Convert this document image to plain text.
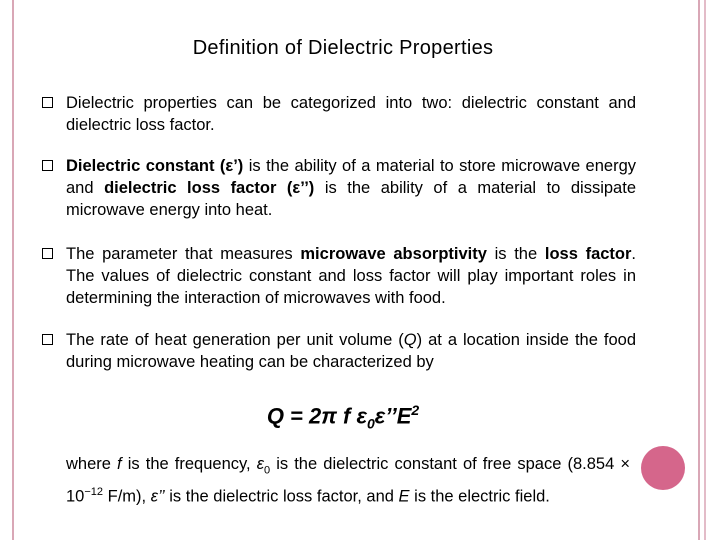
Definition of Dielectric Properties
Dielectric properties can be categorized into two: dielectric constant and dielectric loss factor.
Dielectric constant (ε’) is the ability of a material to store microwave energy and dielectric loss factor (ε’’) is the ability of a material to dissipate microwave energy into heat.
The parameter that measures microwave absorptivity is the loss factor. The values of dielectric constant and loss factor will play important roles in determining the interaction of microwaves with food.
The rate of heat generation per unit volume (Q) at a location inside the food during microwave heating can be characterized by
Q = 2π f $\varepsilon_0\varepsilon’’E^2$
where f is the frequency, $\varepsilon_0$ is the dielectric constant of free space ($8.854 \times 10^{-12}$ F/m), ε’’ is the dielectric loss factor, and E is the electric field.
